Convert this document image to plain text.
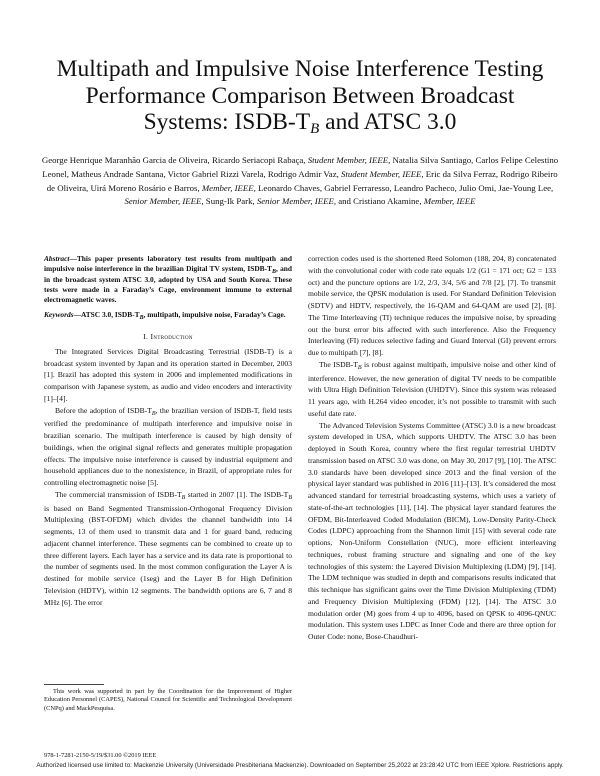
Multipath and Impulsive Noise Interference Testing
Performance Comparison Between Broadcast
Systems: ISDB-TB and ATSC 3.0

George Henrique Maranhão Garcia de Oliveira, Ricardo Seriacopi Rabaça, Student Member, IEEE, Natalia Silva Santiago, Carlos Felipe Celestino Leonel, Matheus Andrade Santana, Victor Gabriel Rizzi Varela, Rodrigo Admir Vaz, Student Member, IEEE, Eric da Silva Ferraz, Rodrigo Ribeiro de Oliveira, Uirá Moreno Rosário e Barros, Member, IEEE, Leonardo Chaves, Gabriel Ferraresso, Leandro Pacheco, Julio Omi, Jae-Young Lee, Senior Member, IEEE, Sung-Ik Park, Senior Member, IEEE, and Cristiano Akamine, Member, IEEE

Abstract—This paper presents laboratory test results from multipath and impulsive noise interference in the brazilian Digital TV system, ISDB-$T_B$, and in the broadcast system ATSC 3.0, adopted by USA and South Korea. These tests were made in a Faraday’s Cage, environment immune to external electromagnetic waves.

Keywords—ATSC 3.0, ISDB-$T_B$, multipath, impulsive noise, Faraday’s Cage.

I. Introduction

The Integrated Services Digital Broadcasting Terrestrial (ISDB-T) is a broadcast system invented by Japan and its operation started in December, 2003 [1]. Brazil has adopted this system in 2006 and implemented modifications in comparison with Japanese system, as audio and video encoders and interactivity [1]–[4].

Before the adoption of ISDB-$T_B$, the brazilian version of ISDB-T, field tests verified the predominance of multipath interference and impulsive noise in brazilian scenario. The multipath interference is caused by high density of buildings, when the original signal reflects and generates multiple propagation effects. The impulsive noise interference is caused by industrial equipment and household appliances due to the nonexistence, in Brazil, of appropriate rules for controlling electromagnetic noise [5].

The commercial transmission of ISDB-$T_B$ started in 2007 [1]. The ISDB-$T_B$ is based on Band Segmented Transmission-Orthogonal Frequency Division Multiplexing (BST-OFDM) which divides the channel bandwidth into 14 segments, 13 of them used to transmit data and 1 for guard band, reducing adjacent channel interference. These segments can be combined to create up to three different layers. Each layer has a service and its data rate is proportional to the number of segments used. In the most common configuration the Layer A is destined for mobile service (1seg) and the Layer B for High Definition Television (HDTV), within 12 segments. The bandwidth options are 6, 7 and 8 MHz [6]. The error

correction codes used is the shortened Reed Solomon (188, 204, 8) concatenated with the convolutional coder with code rate equals 1/2 (G1 = 171 oct; G2 = 133 oct) and the puncture options are 1/2, 2/3, 3/4, 5/6 and 7/8 [2], [7]. To transmit mobile service, the QPSK modulation is used. For Standard Definition Television (SDTV) and HDTV, respectively, the 16-QAM and 64-QAM are used [2], [8]. The Time Interleaving (TI) technique reduces the impulsive noise, by spreading out the burst error bits affected with such interference. Also the Frequency Interleaving (FI) reduces selective fading and Guard Interval (GI) prevent errors due to multipath [7], [8].

The ISDB-$T_B$ is robust against multipath, impulsive noise and other kind of interference. However, the new generation of digital TV needs to be compatible with Ultra High Definition Television (UHDTV). Since this system was released 11 years ago, with H.264 video encoder, it’s not possible to transmit with such useful date rate.

The Advanced Television Systems Committee (ATSC) 3.0 is a new broadcast system developed in USA, which supports UHDTV. The ATSC 3.0 has been deployed in South Korea, country where the first regular terrestrial UHDTV transmission based on ATSC 3.0 was done, on May 30, 2017 [9], [10]. The ATSC 3.0 standards have been developed since 2013 and the final version of the physical layer standard was published in 2016 [11]–[13]. It’s considered the most advanced standard for terrestrial broadcasting systems, which uses a variety of state-of-the-art technologies [11], [14]. The physical layer standard features the OFDM, Bit-Interleaved Coded Modulation (BICM), Low-Density Parity-Check Codes (LDPC) approaching from the Shannon limit [15] with several code rate options, Non-Uniform Constellation (NUC), more efficient interleaving techniques, robust framing structure and signaling and one of the key technologies of this system: the Layered Division Multiplexing (LDM) [9], [14]. The LDM technique was studied in depth and comparisons results indicated that this technique has significant gains over the Time Division Multiplexing (TDM) and Frequency Division Multiplexing (FDM) [12], [14]. The ATSC 3.0 modulation order (M) goes from 4 up to 4096, based on QPSK to 4096-QNUC modulation. This system uses LDPC as Inner Code and there are three option for Outer Code: none, Bose-Chaudhuri-

This work was supported in part by the Coordination for the Improvement of Higher Education Personnel (CAPES), National Council for Scientific and Technological Development (CNPq) and MackPesquisa.

978-1-7281-2150-5/19/$31.00 ©2019 IEEE
Authorized licensed use limited to: Mackenzie University (Universidade Presbiteriana Mackenzie). Downloaded on September 25,2022 at 23:28:42 UTC from IEEE Xplore. Restrictions apply.
